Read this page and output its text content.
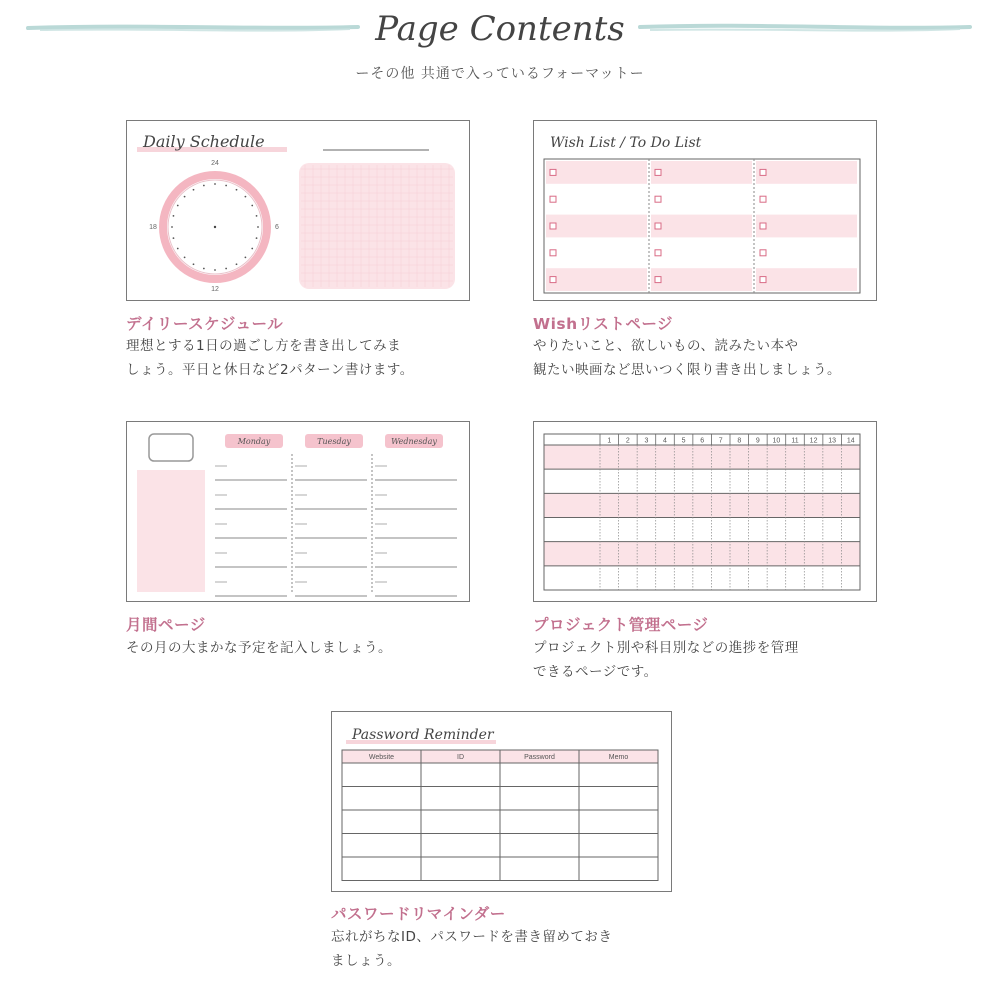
Page Contents
ーその他 共通で入っているフォーマットー
Daily Schedule
24
6
12
18
デイリースケジュール
理想とする1日の過ごし方を書き出してみま
しょう。平日と休日など2パターン書けます。
Wish List / To Do List
Wishリストページ
やりたいこと、欲しいもの、読みたい本や
観たい映画など思いつく限り書き出しましょう。
Monday	Tuesday	Wednesday
月間ページ
その月の大まかな予定を記入しましょう。
1 2 3 4 5 6 7 8 9 10 11 12 13 14
プロジェクト管理ページ
プロジェクト別や科目別などの進捗を管理
できるページです。
Password Reminder
Website	ID	Password	Memo
パスワードリマインダー
忘れがちなID、パスワードを書き留めておき
ましょう。
